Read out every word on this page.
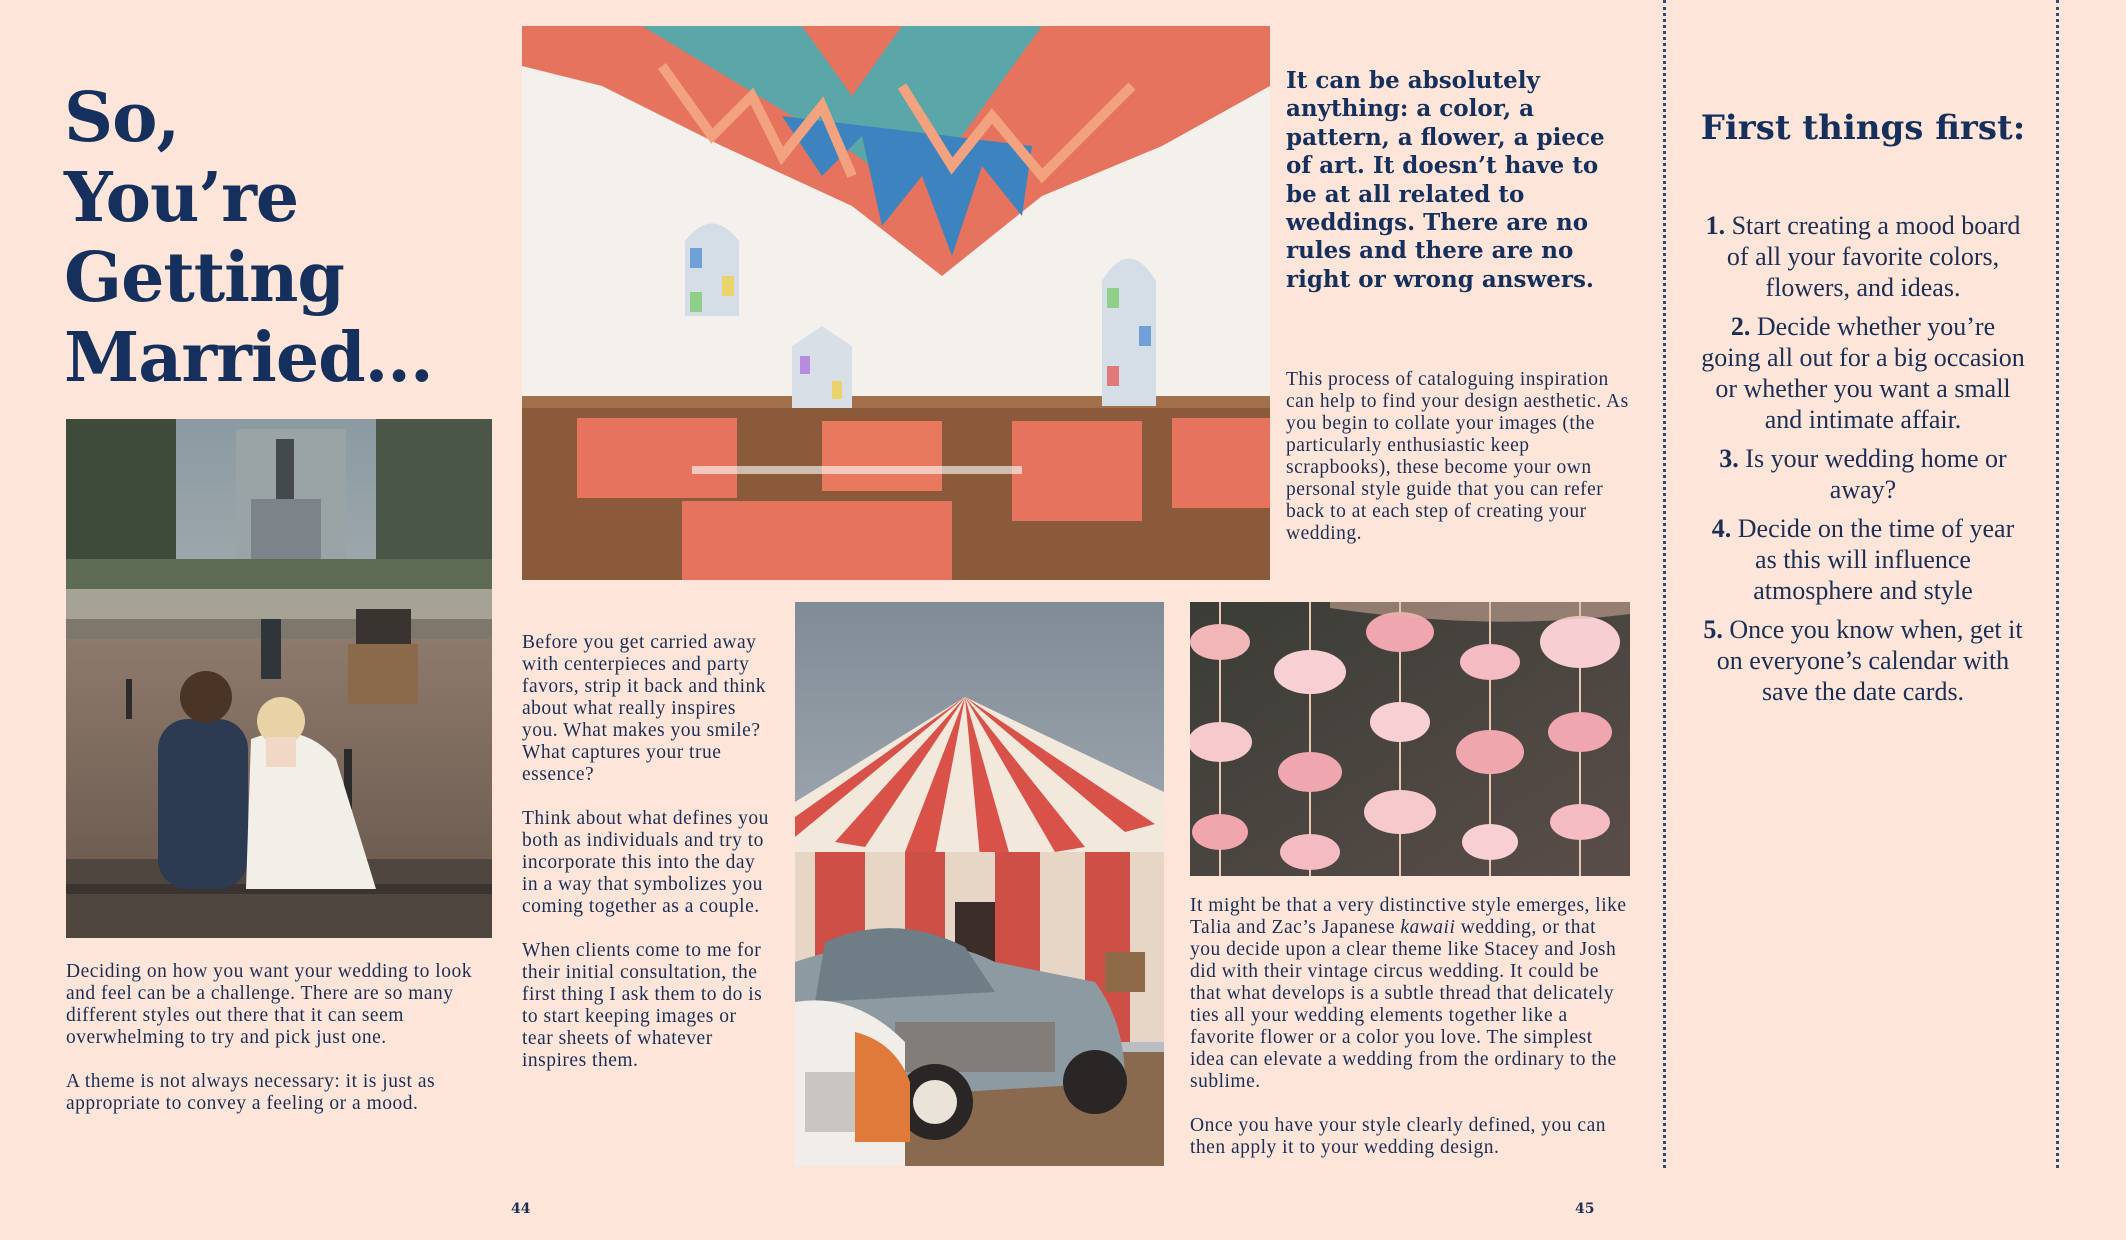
So,
You’re
Getting
Married...

Deciding on how you want your wedding to look and feel can be a challenge. There are so many different styles out there that it can seem overwhelming to try and pick just one.

A theme is not always necessary: it is just as appropriate to convey a feeling or a mood.

It can be absolutely anything: a color, a pattern, a flower, a piece of art. It doesn’t have to be at all related to weddings. There are no rules and there are no right or wrong answers.

This process of cataloguing inspiration can help to find your design aesthetic. As you begin to collate your images (the particularly enthusiastic keep scrapbooks), these become your own personal style guide that you can refer back to at each step of creating your wedding.

Before you get carried away with centerpieces and party favors, strip it back and think about what really inspires you. What makes you smile? What captures your true essence?

Think about what defines you both as individuals and try to incorporate this into the day in a way that symbolizes you coming together as a couple.

When clients come to me for their initial consultation, the first thing I ask them to do is to start keeping images or tear sheets of whatever inspires them.

It might be that a very distinctive style emerges, like Talia and Zac’s Japanese kawaii wedding, or that you decide upon a clear theme like Stacey and Josh did with their vintage circus wedding. It could be that what develops is a subtle thread that delicately ties all your wedding elements together like a favorite flower or a color you love. The simplest idea can elevate a wedding from the ordinary to the sublime.

Once you have your style clearly defined, you can then apply it to your wedding design.

44	45
First things first:
1. Start creating a mood board of all your favorite colors, flowers, and ideas.
2. Decide whether you’re going all out for a big occasion or whether you want a small and intimate affair.
3. Is your wedding home or away?
4. Decide on the time of year as this will influence atmosphere and style
5. Once you know when, get it on everyone’s calendar with save the date cards.
